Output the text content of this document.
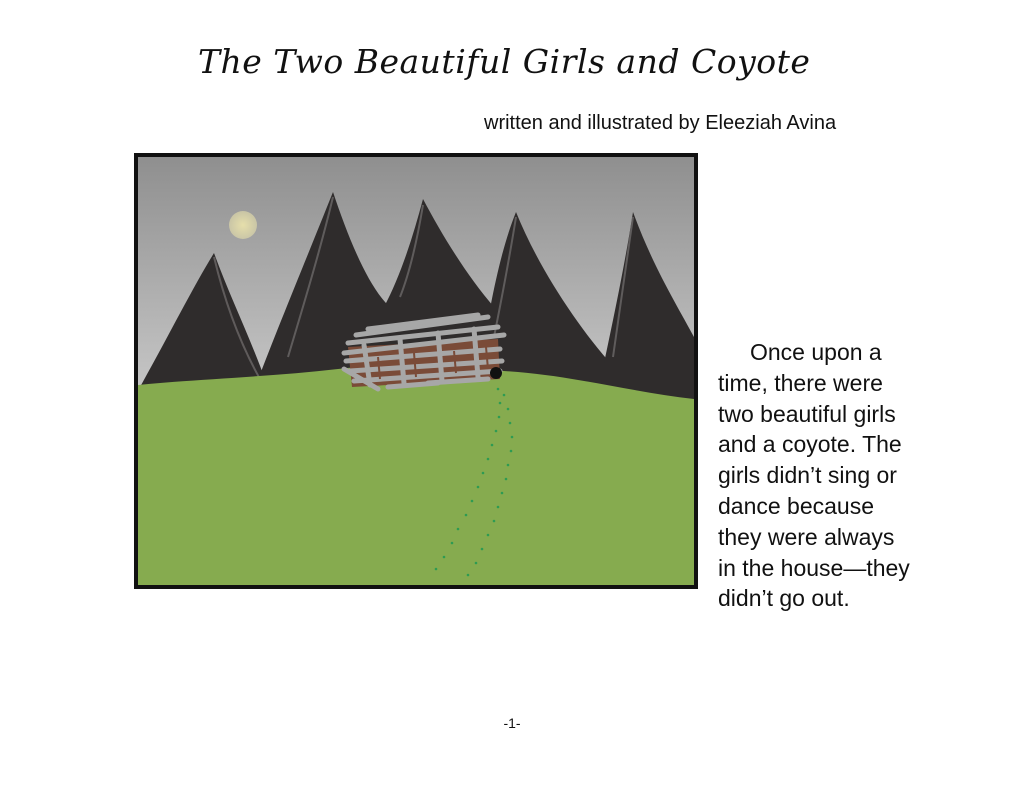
The Two Beautiful Girls and Coyote
written and illustrated by Eleeziah Avina

Once upon a
time, there were
two beautiful girls
and a coyote. The
girls didn’t sing or
dance because
they were always
in the house—they
didn’t go out.

-1-
